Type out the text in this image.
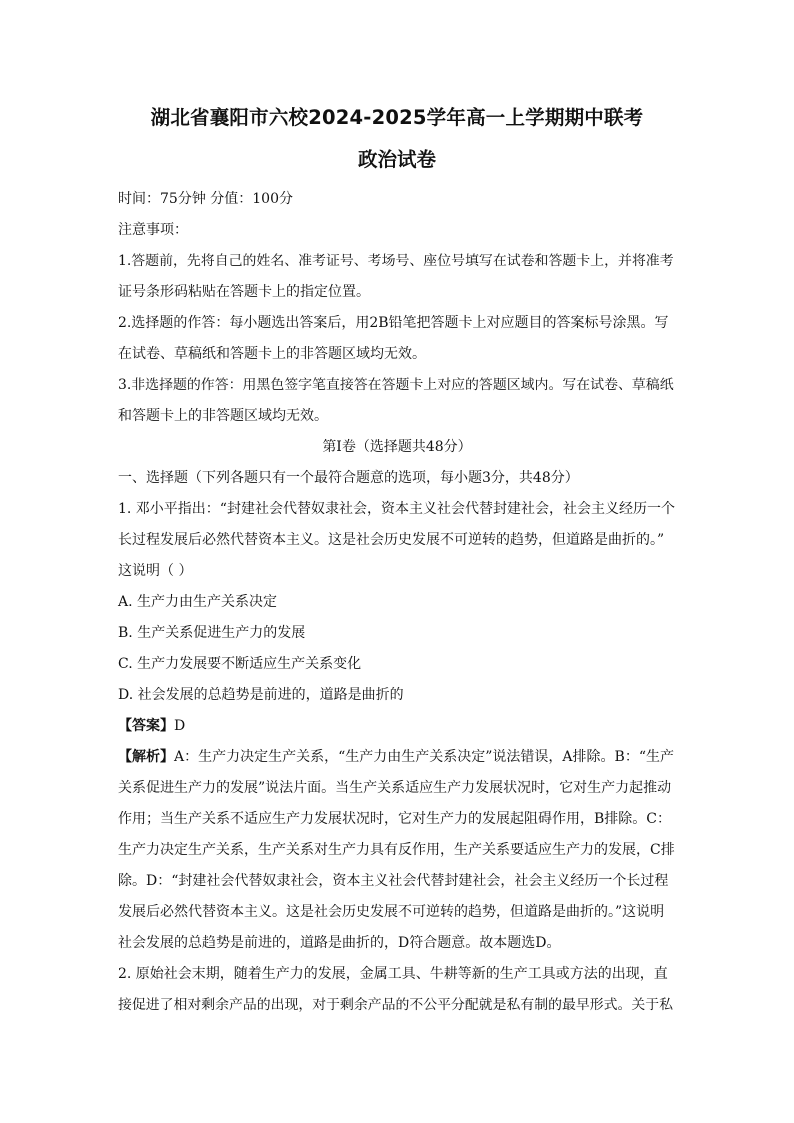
湖北省襄阳市六校2024-2025学年高一上学期期中联考
政治试卷

时间：75分钟 分值：100分

注意事项：

1.答题前，先将自己的姓名、准考证号、考场号、座位号填写在试卷和答题卡上，并将准考

证号条形码粘贴在答题卡上的指定位置。

2.选择题的作答：每小题选出答案后，用2B铅笔把答题卡上对应题目的答案标号涂黑。写

在试卷、草稿纸和答题卡上的非答题区域均无效。

3.非选择题的作答：用黑色签字笔直接答在答题卡上对应的答题区域内。写在试卷、草稿纸

和答题卡上的非答题区域均无效。

第Ⅰ卷（选择题共48分）

一、选择题（下列各题只有一个最符合题意的选项，每小题3分，共48分）

1. 邓小平指出：“封建社会代替奴隶社会，资本主义社会代替封建社会，社会主义经历一个

长过程发展后必然代替资本主义。这是社会历史发展不可逆转的趋势，但道路是曲折的。”

这说明（ ）

A. 生产力由生产关系决定

B. 生产关系促进生产力的发展

C. 生产力发展要不断适应生产关系变化

D. 社会发展的总趋势是前进的，道路是曲折的

【答案】D

【解析】A：生产力决定生产关系，“生产力由生产关系决定”说法错误，A排除。B：“生产

关系促进生产力的发展”说法片面。当生产关系适应生产力发展状况时，它对生产力起推动

作用；当生产关系不适应生产力发展状况时，它对生产力的发展起阻碍作用，B排除。C：

生产力决定生产关系，生产关系对生产力具有反作用，生产关系要适应生产力的发展，C排

除。D：“封建社会代替奴隶社会，资本主义社会代替封建社会，社会主义经历一个长过程

发展后必然代替资本主义。这是社会历史发展不可逆转的趋势，但道路是曲折的。”这说明

社会发展的总趋势是前进的，道路是曲折的，D符合题意。故本题选D。

2. 原始社会末期，随着生产力的发展，金属工具、牛耕等新的生产工具或方法的出现，直

接促进了相对剩余产品的出现，对于剩余产品的不公平分配就是私有制的最早形式。关于私
